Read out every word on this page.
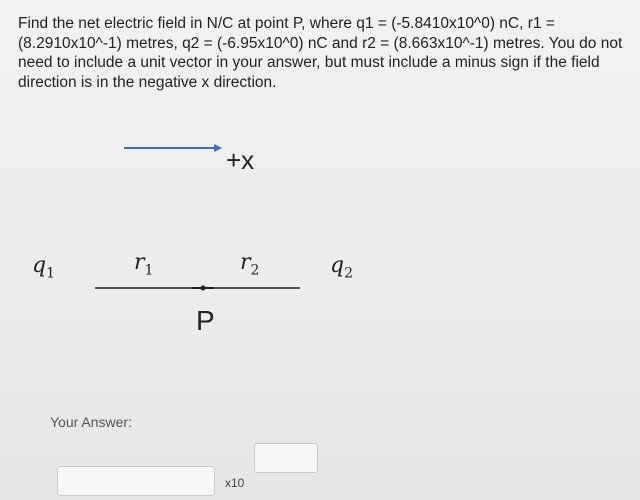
Find the net electric field in N/C at point P, where q1 = (-5.8410x10^0) nC, r1 = (8.2910x10^-1) metres, q2 = (-6.95x10^0) nC and r2 = (8.663x10^-1) metres. You do not need to include a unit vector in your answer, but must include a minus sign if the field direction is in the negative x direction.
+x
$q_1$	$r_1$	$r_2$	$q_2$
P
Your Answer:
x10
